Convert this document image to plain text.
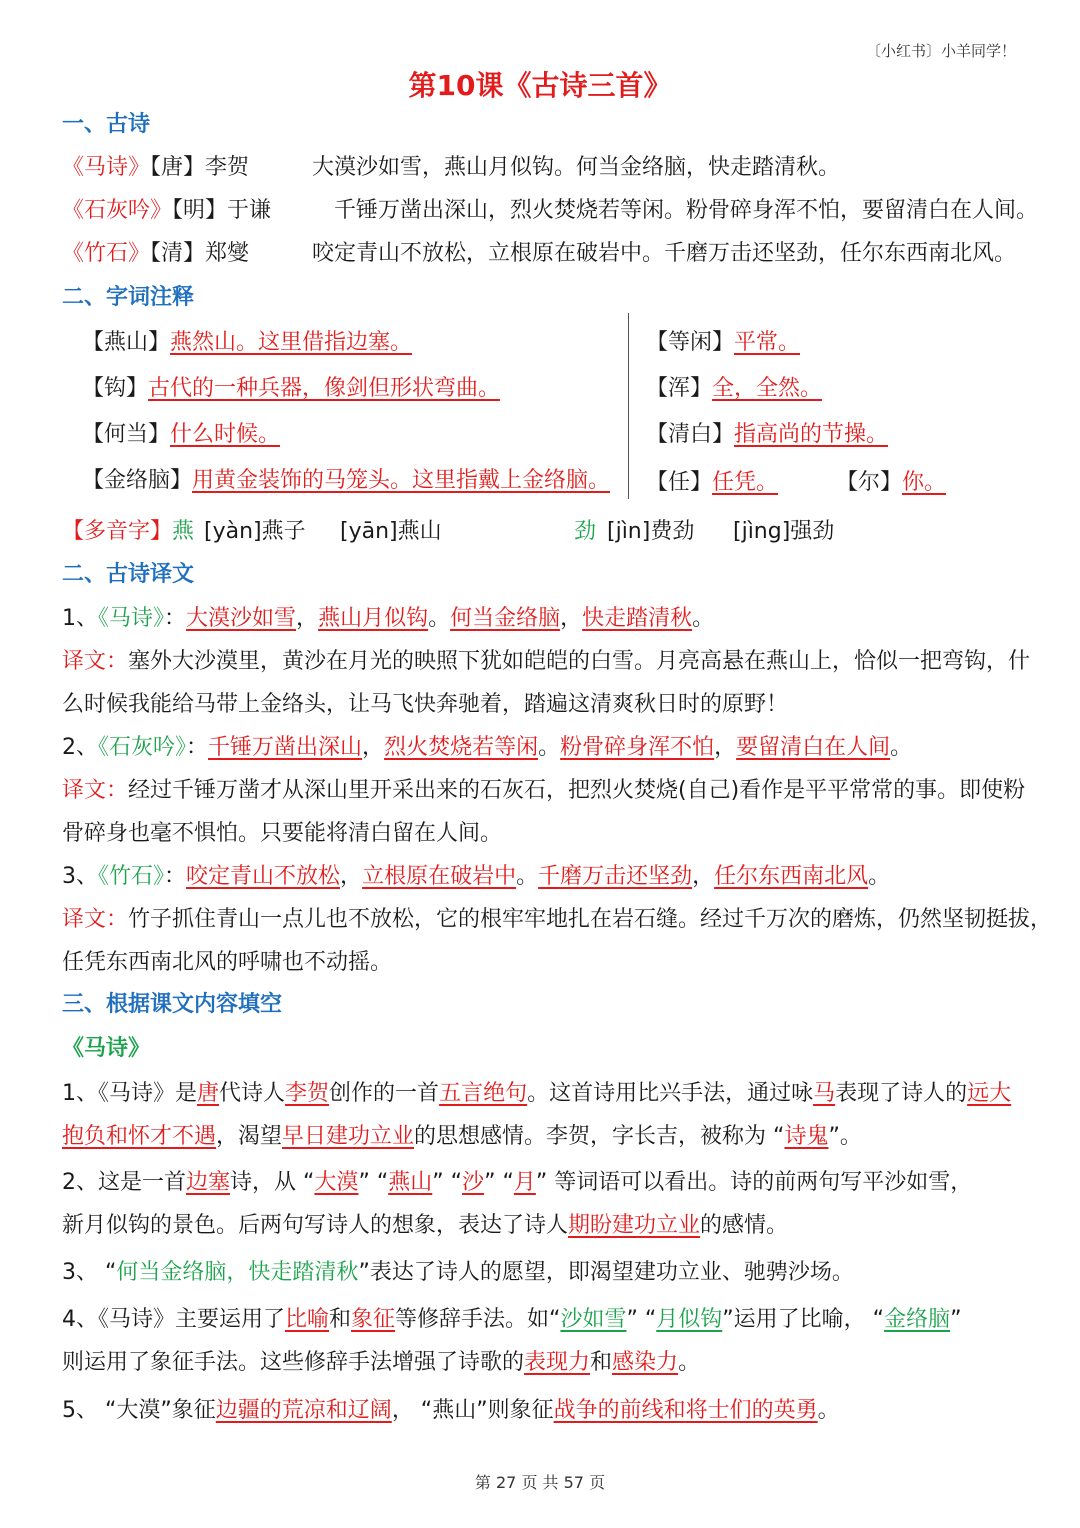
〔小红书〕小羊同学！
第10课《古诗三首》
一、古诗
《马诗》【唐】李贺	大漠沙如雪，燕山月似钩。何当金络脑，快走踏清秋。
《石灰吟》【明】于谦	千锤万凿出深山，烈火焚烧若等闲。粉骨碎身浑不怕，要留清白在人间。
《竹石》【清】郑燮	咬定青山不放松，立根原在破岩中。千磨万击还坚劲，任尔东西南北风。
二、字词注释
【燕山】燕然山。这里借指边塞。
【钩】古代的一种兵器，像剑但形状弯曲。
【何当】什么时候。
【金络脑】用黄金装饰的马笼头。这里指戴上金络脑。
【等闲】平常。
【浑】全，全然。
【清白】指高尚的节操。
【任】任凭。	【尔】你。
【多音字】燕 [yàn]燕子 [yān]燕山	劲 [jìn]费劲 [jìng]强劲
二、古诗译文
1、《马诗》：大漠沙如雪，燕山月似钩。何当金络脑，快走踏清秋。
译文：塞外大沙漠里，黄沙在月光的映照下犹如皑皑的白雪。月亮高悬在燕山上，恰似一把弯钩，什
么时候我能给马带上金络头，让马飞快奔驰着，踏遍这清爽秋日时的原野！
2、《石灰吟》：千锤万凿出深山，烈火焚烧若等闲。粉骨碎身浑不怕，要留清白在人间。
译文：经过千锤万凿才从深山里开采出来的石灰石，把烈火焚烧(自己)看作是平平常常的事。即使粉
骨碎身也毫不惧怕。只要能将清白留在人间。
3、《竹石》：咬定青山不放松，立根原在破岩中。千磨万击还坚劲，任尔东西南北风。
译文：竹子抓住青山一点儿也不放松，它的根牢牢地扎在岩石缝。经过千万次的磨炼，仍然坚韧挺拔，
任凭东西南北风的呼啸也不动摇。
三、根据课文内容填空
《马诗》
1、《马诗》是唐代诗人李贺创作的一首五言绝句。这首诗用比兴手法，通过咏马表现了诗人的远大
抱负和怀才不遇，渴望早日建功立业的思想感情。李贺，字长吉，被称为 “诗鬼”。
2、这是一首边塞诗，从 “大漠” “燕山” “沙” “月” 等词语可以看出。诗的前两句写平沙如雪，
新月似钩的景色。后两句写诗人的想象，表达了诗人期盼建功立业的感情。
3、 “何当金络脑，快走踏清秋”表达了诗人的愿望，即渴望建功立业、驰骋沙场。
4、《马诗》主要运用了比喻和象征等修辞手法。如“沙如雪” “月似钩”运用了比喻， “金络脑”
则运用了象征手法。这些修辞手法增强了诗歌的表现力和感染力。
5、 “大漠”象征边疆的荒凉和辽阔， “燕山”则象征战争的前线和将士们的英勇。
第 27 页 共 57 页
